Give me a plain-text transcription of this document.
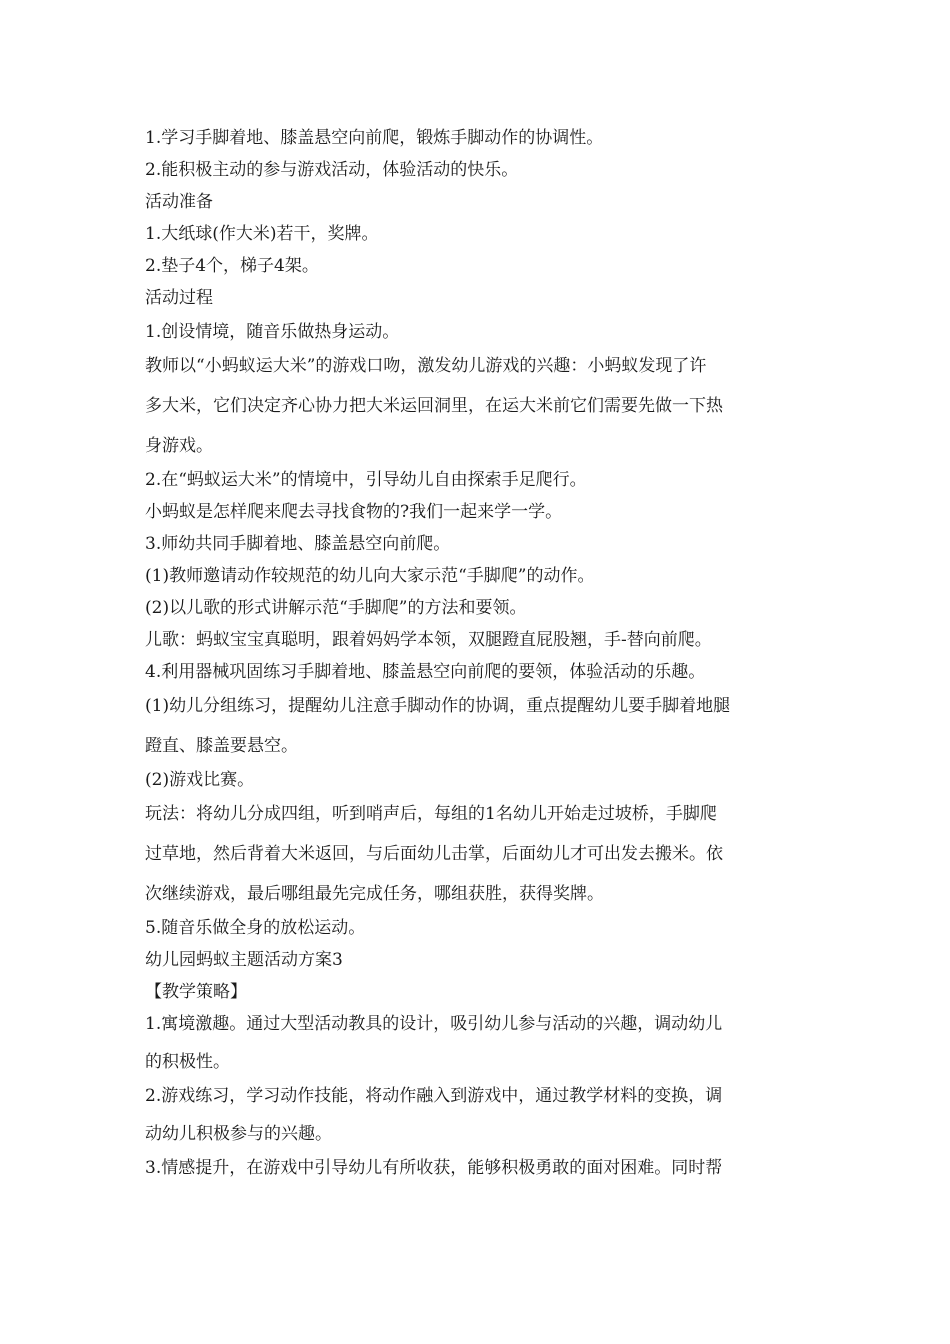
1.学习手脚着地、膝盖悬空向前爬，锻炼手脚动作的协调性。
2.能积极主动的参与游戏活动，体验活动的快乐。
活动准备
1.大纸球(作大米)若干，奖牌。
2.垫子4个，梯子4架。
活动过程
1.创设情境，随音乐做热身运动。
教师以“小蚂蚁运大米”的游戏口吻，激发幼儿游戏的兴趣：小蚂蚁发现了许
多大米，它们决定齐心协力把大米运回洞里，在运大米前它们需要先做一下热
身游戏。
2.在“蚂蚁运大米”的情境中，引导幼儿自由探索手足爬行。
小蚂蚁是怎样爬来爬去寻找食物的?我们一起来学一学。
3.师幼共同手脚着地、膝盖悬空向前爬。
(1)教师邀请动作较规范的幼儿向大家示范“手脚爬”的动作。
(2)以儿歌的形式讲解示范“手脚爬”的方法和要领。
儿歌：蚂蚁宝宝真聪明，跟着妈妈学本领，双腿蹬直屁股翘，手-替向前爬。
4.利用器械巩固练习手脚着地、膝盖悬空向前爬的要领，体验活动的乐趣。
(1)幼儿分组练习，提醒幼儿注意手脚动作的协调，重点提醒幼儿要手脚着地腿
蹬直、膝盖要悬空。
(2)游戏比赛。
玩法：将幼儿分成四组，听到哨声后，每组的1名幼儿开始走过坡桥，手脚爬
过草地，然后背着大米返回，与后面幼儿击掌，后面幼儿才可出发去搬米。依
次继续游戏，最后哪组最先完成任务，哪组获胜，获得奖牌。
5.随音乐做全身的放松运动。
幼儿园蚂蚁主题活动方案3
【教学策略】
1.寓境激趣。通过大型活动教具的设计，吸引幼儿参与活动的兴趣，调动幼儿
的积极性。
2.游戏练习，学习动作技能，将动作融入到游戏中，通过教学材料的变换，调
动幼儿积极参与的兴趣。
3.情感提升，在游戏中引导幼儿有所收获，能够积极勇敢的面对困难。同时帮
